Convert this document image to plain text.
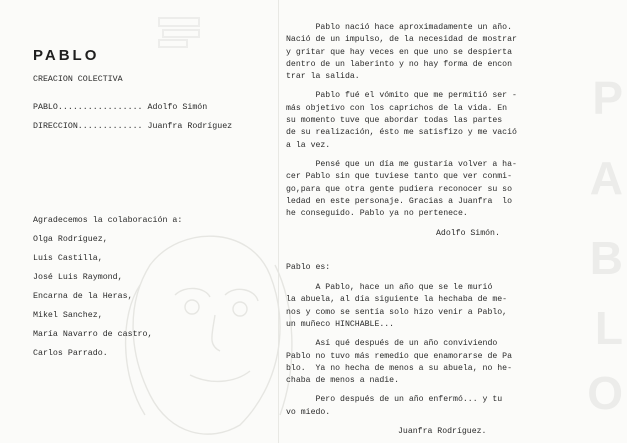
P
A
B
L
O
PABLO
CREACION COLECTIVA
PABLO................. Adolfo Simón
DIRECCION............. Juanfra Rodríguez
Agradecemos la colaboración a:
Olga Rodríguez,
Luis Castilla,
José Luis Raymond,
Encarna de la Heras,
Mikel Sanchez,
María Navarro de castro,
Carlos Parrado.

Pablo nació hace aproximadamente un año.

Nació de un impulso, de la necesidad de mostrar

y gritar que hay veces en que uno se despierta

dentro de un laberinto y no hay forma de encon

trar la salida.

Pablo fué el vómito que me permitió ser -

más objetivo con los caprichos de la vida. En

su momento tuve que abordar todas las partes

de su realización, ésto me satisfizo y me vació

a la vez.

Pensé que un día me gustaría volver a ha-

cer Pablo sin que tuviese tanto que ver conmi-

go,para que otra gente pudiera reconocer su so

ledad en este personaje. Gracias a Juanfra  lo

he conseguido. Pablo ya no pertenece.

Adolfo Simón.

Pablo es:

A Pablo, hace un año que se le murió

la abuela, al día siguiente la hechaba de me-

nos y como se sentía solo hizo venir a Pablo,

un muñeco HINCHABLE...

Así qué después de un año conviviendo

Pablo no tuvo más remedio que enamorarse de Pa

blo.  Ya no hecha de menos a su abuela, no he-

chaba de menos a nadie.

Pero después de un año enfermó... y tu

vo miedo.

Juanfra Rodríguez.
